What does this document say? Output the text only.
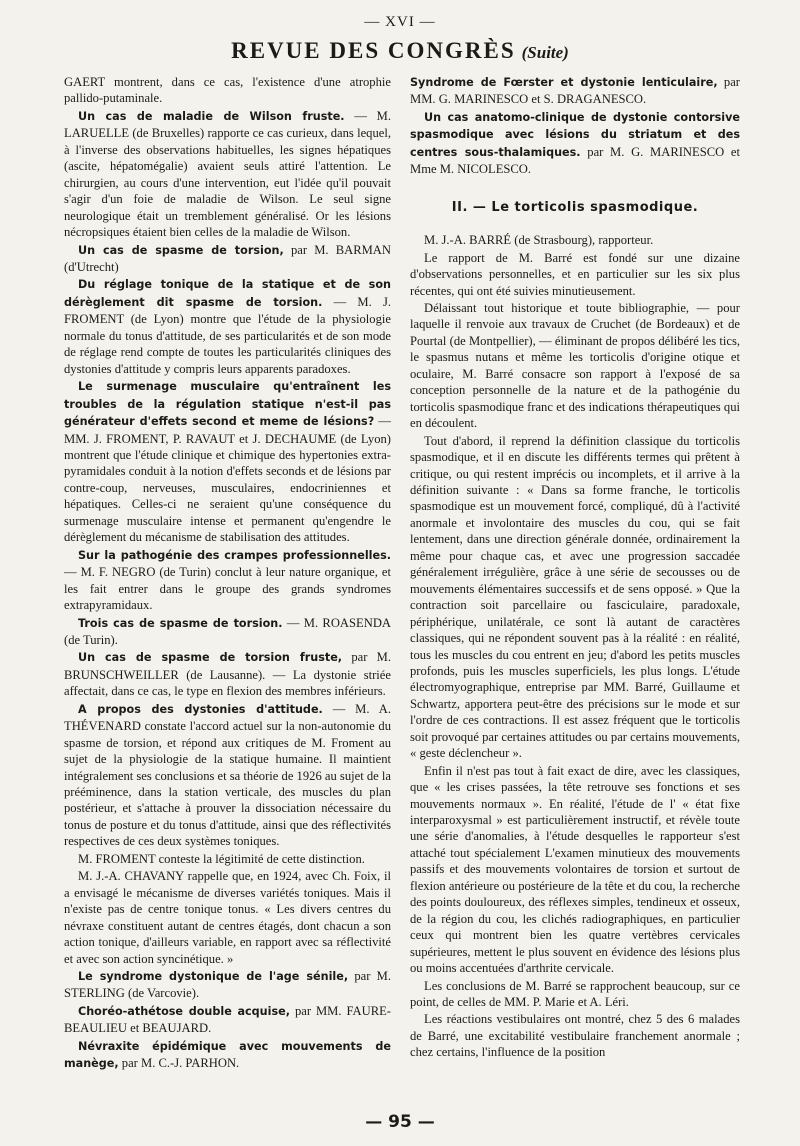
— XVI —
REVUE DES CONGRÈS (Suite)

GAERT montrent, dans ce cas, l'existence d'une atrophie pallido-putaminale.

Un cas de maladie de Wilson fruste. — M. LARUELLE (de Bruxelles) rapporte ce cas curieux, dans lequel, à l'inverse des observations habituelles, les signes hépatiques (ascite, hépatomégalie) avaient seuls attiré l'attention. Le chirurgien, au cours d'une intervention, eut l'idée qu'il pouvait s'agir d'un foie de maladie de Wilson. Le seul signe neurologique était un tremblement généralisé. Or les lésions nécropsiques étaient bien celles de la maladie de Wilson.

Un cas de spasme de torsion, par M. BARMAN (d'Utrecht)

Du réglage tonique de la statique et de son dérèglement dit spasme de torsion. — M. J. FROMENT (de Lyon) montre que l'étude de la physiologie normale du tonus d'attitude, de ses particularités et de son mode de réglage rend compte de toutes les particularités cliniques des dystonies d'attitude y compris leurs apparents paradoxes.

Le surmenage musculaire qu'entraînent les troubles de la régulation statique n'est-il pas générateur d'effets second et meme de lésions? — MM. J. FROMENT, P. RAVAUT et J. DECHAUME (de Lyon) montrent que l'étude clinique et chimique des hypertonies extra-pyramidales conduit à la notion d'effets seconds et de lésions par contre-coup, nerveuses, musculaires, endocriniennes et hépatiques. Celles-ci ne seraient qu'une conséquence du surmenage musculaire intense et permanent qu'engendre le dérèglement du mécanisme de stabilisation des attitudes.

Sur la pathogénie des crampes professionnelles. — M. F. NEGRO (de Turin) conclut à leur nature organique, et les fait entrer dans le groupe des grands syndromes extrapyramidaux.

Trois cas de spasme de torsion. — M. ROASENDA (de Turin).

Un cas de spasme de torsion fruste, par M. BRUNSCHWEILLER (de Lausanne). — La dystonie striée affectait, dans ce cas, le type en flexion des membres inférieurs.

A propos des dystonies d'attitude. — M. A. THÉVENARD constate l'accord actuel sur la non-autonomie du spasme de torsion, et répond aux critiques de M. Froment au sujet de la physiologie de la statique humaine. Il maintient intégralement ses conclusions et sa théorie de 1926 au sujet de la prééminence, dans la station verticale, des muscles du plan postérieur, et s'attache à prouver la dissociation nécessaire du tonus de posture et du tonus d'attitude, ainsi que des réflectivités respectives de ces deux systèmes toniques.

M. FROMENT conteste la légitimité de cette distinction.

M. J.-A. CHAVANY rappelle que, en 1924, avec Ch. Foix, il a envisagé le mécanisme de diverses variétés toniques. Mais il n'existe pas de centre tonique tonus. « Les divers centres du névraxe constituent autant de centres étagés, dont chacun a son action tonique, d'ailleurs variable, en rapport avec sa réflectivité et avec son action syncinétique. »

Le syndrome dystonique de l'age sénile, par M. STERLING (de Varcovie).

Choréo-athétose double acquise, par MM. FAURE-BEAULIEU et BEAUJARD.

Névraxite épidémique avec mouvements de manège, par M. C.-J. PARHON.

Syndrome de Fœrster et dystonie lenticulaire, par MM. G. MARINESCO et S. DRAGANESCO.

Un cas anatomo-clinique de dystonie contorsive spasmodique avec lésions du striatum et des centres sous-thalamiques. par M. G. MARINESCO et Mme M. NICOLESCO.

II. — Le torticolis spasmodique.

M. J.-A. BARRÉ (de Strasbourg), rapporteur.

Le rapport de M. Barré est fondé sur une dizaine d'observations personnelles, et en particulier sur les six plus récentes, qui ont été suivies minutieusement.

Délaissant tout historique et toute bibliographie, — pour laquelle il renvoie aux travaux de Cruchet (de Bordeaux) et de Pourtal (de Montpellier), — éliminant de propos délibéré les tics, le spasmus nutans et même les torticolis d'origine otique et oculaire, M. Barré consacre son rapport à l'exposé de sa conception personnelle de la nature et de la pathogénie du torticolis spasmodique franc et des indications thérapeutiques qui en découlent.

Tout d'abord, il reprend la définition classique du torticolis spasmodique, et il en discute les différents termes qui prêtent à critique, ou qui restent imprécis ou incomplets, et il arrive à la définition suivante : « Dans sa forme franche, le torticolis spasmodique est un mouvement forcé, compliqué, dû à l'activité anormale et involontaire des muscles du cou, qui se fait lentement, dans une direction générale donnée, ordinairement la même pour chaque cas, et avec une progression saccadée généralement irrégulière, grâce à une série de secousses ou de mouvements élémentaires successifs et de sens opposé. » Que la contraction soit parcellaire ou fasciculaire, paradoxale, périphérique, unilatérale, ce sont là autant de caractères classiques, qui ne répondent souvent pas à la réalité : en réalité, tous les muscles du cou entrent en jeu; d'abord les petits muscles profonds, puis les muscles superficiels, les plus longs. L'étude électromyographique, entreprise par MM. Barré, Guillaume et Schwartz, apportera peut-être des précisions sur le mode et sur l'ordre de ces contractions. Il est assez fréquent que le torticolis soit provoqué par certaines attitudes ou par certains mouvements, « geste déclencheur ».

Enfin il n'est pas tout à fait exact de dire, avec les classiques, que « les crises passées, la tête retrouve ses fonctions et ses mouvements normaux ». En réalité, l'étude de l' « état fixe interparoxysmal » est particulièrement instructif, et révèle toute une série d'anomalies, à l'étude desquelles le rapporteur s'est attaché tout spécialement L'examen minutieux des mouvements passifs et des mouvements volontaires de torsion et surtout de flexion antérieure ou postérieure de la tête et du cou, la recherche des points douloureux, des réflexes simples, tendineux et osseux, de la région du cou, les clichés radiographiques, en particulier ceux qui montrent bien les quatre vertèbres cervicales supérieures, mettent le plus souvent en évidence des lésions plus ou moins accentuées d'arthrite cervicale.

Les conclusions de M. Barré se rapprochent beaucoup, sur ce point, de celles de MM. P. Marie et A. Léri.

Les réactions vestibulaires ont montré, chez 5 des 6 malades de Barré, une excitabilité vestibulaire franchement anormale ; chez certains, l'influence de la position

— 95 —
